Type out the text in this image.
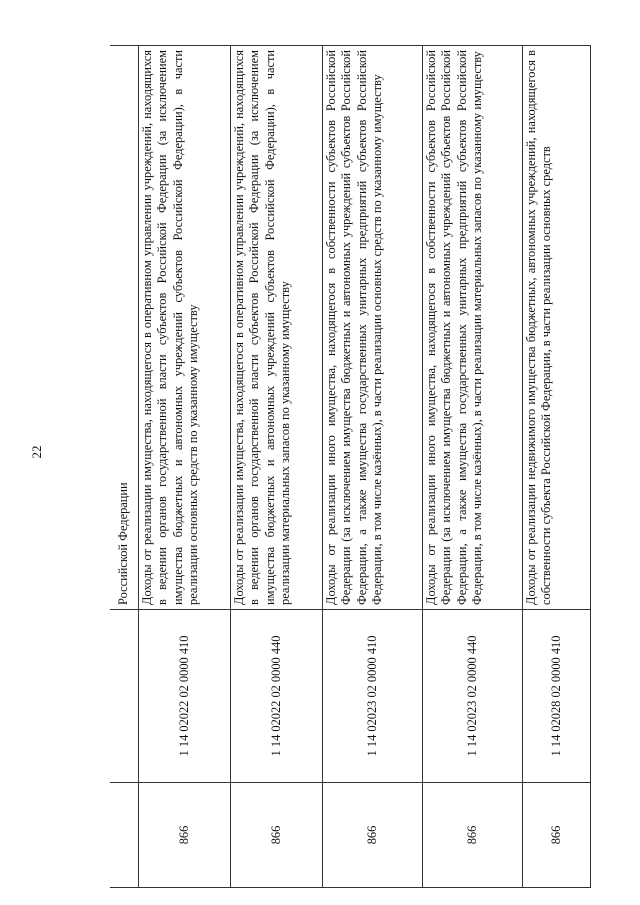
22
		Российской Федерации
866	1 14 02022 02 0000 410	Доходы от реализации имущества, находящегося в оперативном управлении учреждений, находящихся в ведении органов государственной власти субъектов Российской Федерации (за исключением имущества бюджетных и автономных учреждений субъектов Российской Федерации), в части реализации основных средств по указанному имуществу
866	1 14 02022 02 0000 440	Доходы от реализации имущества, находящегося в оперативном управлении учреждений, находящихся в ведении органов государственной власти субъектов Российской Федерации (за исключением имущества бюджетных и автономных учреждений субъектов Российской Федерации), в части реализации материальных запасов по указанному имуществу
866	1 14 02023 02 0000 410	Доходы от реализации иного имущества, находящегося в собственности субъектов Российской Федерации (за исключением имущества бюджетных и автономных учреждений субъектов Российской Федерации, а также имущества государственных унитарных предприятий субъектов Российской Федерации, в том числе казённых), в части реализации основных средств по указанному имуществу
866	1 14 02023 02 0000 440	Доходы от реализации иного имущества, находящегося в собственности субъектов Российской Федерации (за исключением имущества бюджетных и автономных учреждений субъектов Российской Федерации, а также имущества государственных унитарных предприятий субъектов Российской Федерации, в том числе казённых), в части реализации материальных запасов по указанному имуществу
866	1 14 02028 02 0000 410	Доходы от реализации недвижимого имущества бюджетных, автономных учреждений, находящегося в собственности субъекта Российской Федерации, в части реализации основных средств
